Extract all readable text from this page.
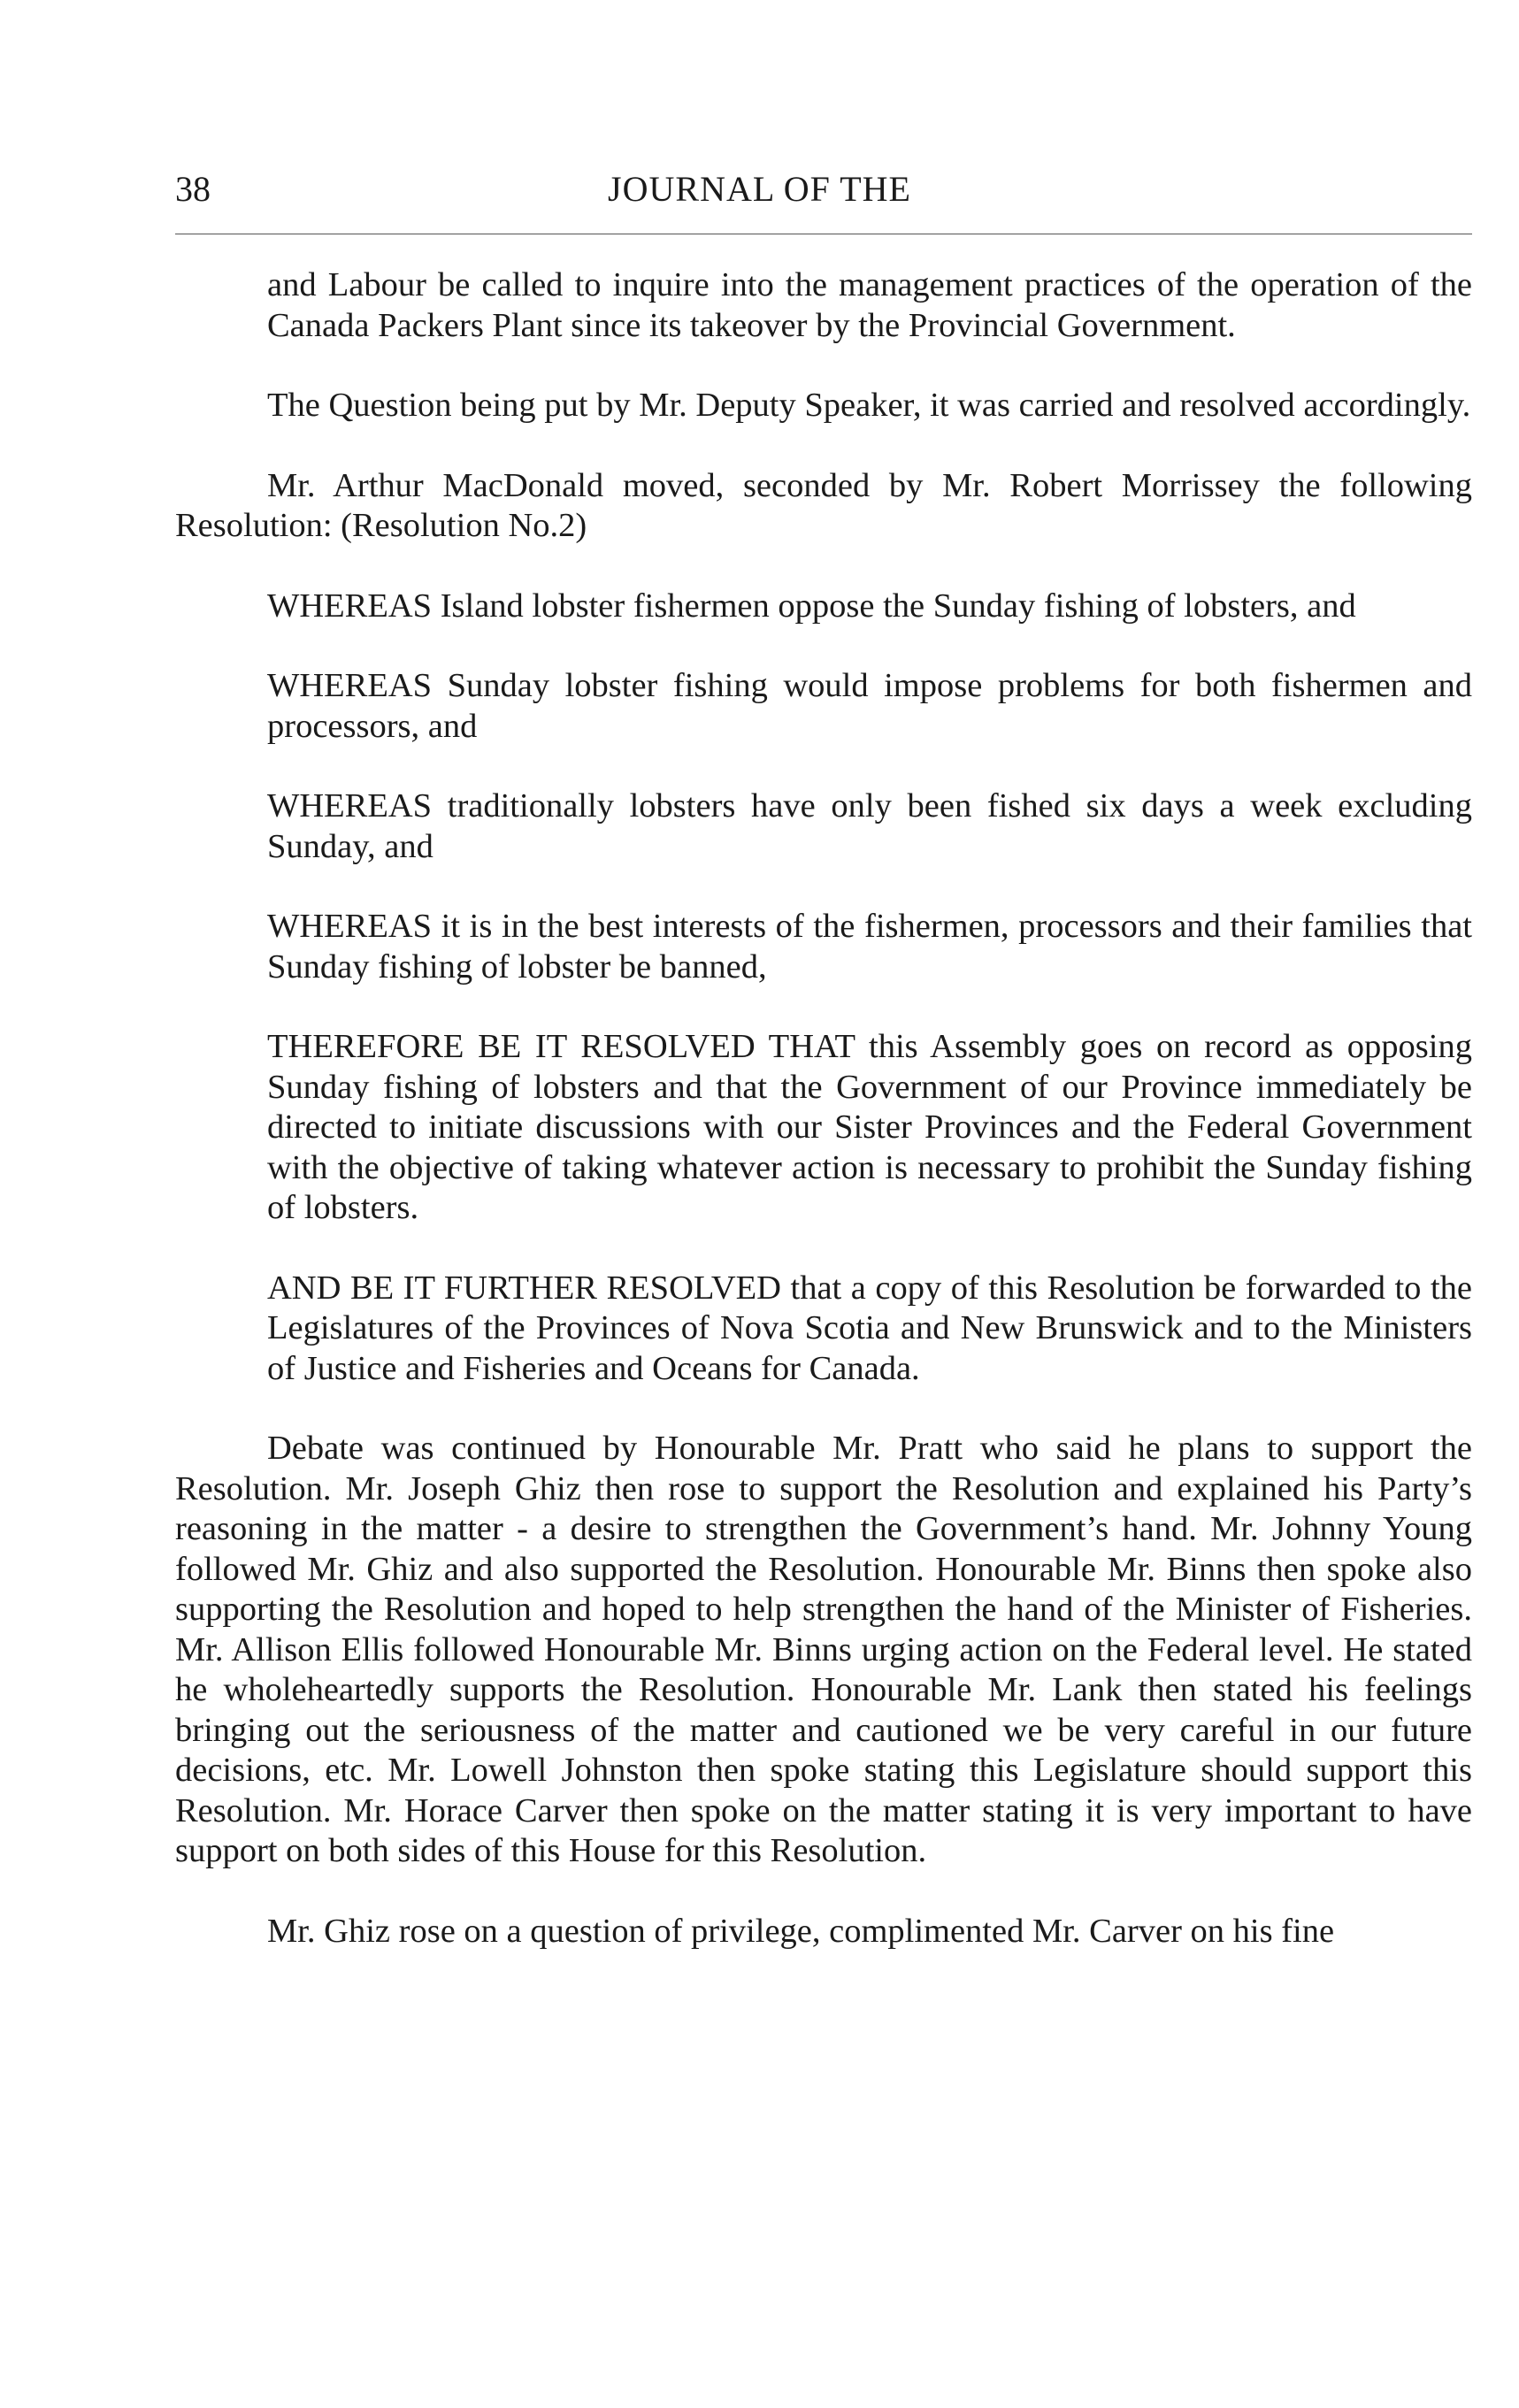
38	JOURNAL OF THE

and Labour be called to inquire into the management practices of the operation of the Canada Packers Plant since its takeover by the Provincial Government.

The Question being put by Mr. Deputy Speaker, it was carried and resolved accordingly.

Mr. Arthur MacDonald moved, seconded by Mr. Robert Morrissey the following Resolution: (Resolution No.2)

WHEREAS Island lobster fishermen oppose the Sunday fishing of lobsters, and

WHEREAS Sunday lobster fishing would impose problems for both fishermen and processors, and

WHEREAS traditionally lobsters have only been fished six days a week excluding Sunday, and

WHEREAS it is in the best interests of the fishermen, processors and their families that Sunday fishing of lobster be banned,

THEREFORE BE IT RESOLVED THAT this Assembly goes on record as opposing Sunday fishing of lobsters and that the Government of our Province immediately be directed to initiate discussions with our Sister Provinces and the Federal Government with the objective of taking whatever action is necessary to prohibit the Sunday fishing of lobsters.

AND BE IT FURTHER RESOLVED that a copy of this Resolution be forwarded to the Legislatures of the Provinces of Nova Scotia and New Brunswick and to the Ministers of Justice and Fisheries and Oceans for Canada.

Debate was continued by Honourable Mr. Pratt who said he plans to support the Resolution. Mr. Joseph Ghiz then rose to support the Resolution and explained his Party’s reasoning in the matter - a desire to strengthen the Government’s hand. Mr. Johnny Young followed Mr. Ghiz and also supported the Resolution. Honourable Mr. Binns then spoke also supporting the Resolution and hoped to help strengthen the hand of the Minister of Fisheries. Mr. Allison Ellis followed Honourable Mr. Binns urging action on the Federal level. He stated he wholeheartedly supports the Resolution. Honourable Mr. Lank then stated his feelings bringing out the seriousness of the matter and cautioned we be very careful in our future decisions, etc. Mr. Lowell Johnston then spoke stating this Legislature should support this Resolution. Mr. Horace Carver then spoke on the matter stating it is very important to have support on both sides of this House for this Resolution.

Mr. Ghiz rose on a question of privilege, complimented Mr. Carver on his fine
